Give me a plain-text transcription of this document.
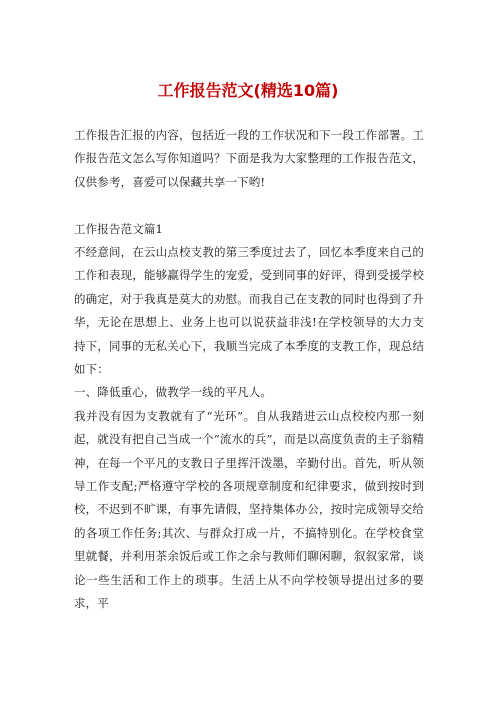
工作报告范文(精选10篇)

工作报告汇报的内容，包括近一段的工作状况和下一段工作部署。工作报告范文怎么写你知道吗？下面是我为大家整理的工作报告范文，仅供参考，喜爱可以保藏共享一下哟!

工作报告范文篇1

不经意间，在云山点校支教的第三季度过去了，回忆本季度来自己的工作和表现，能够赢得学生的宠爱，受到同事的好评，得到受援学校的确定，对于我真是莫大的劝慰。而我自己在支教的同时也得到了升华，无论在思想上、业务上也可以说获益非浅!在学校领导的大力支持下，同事的无私关心下，我顺当完成了本季度的支教工作，现总结如下：

一、降低重心，做教学一线的平凡人。

我并没有因为支教就有了“光环”。自从我踏进云山点校校内那一刻起，就没有把自己当成一个“流水的兵”，而是以高度负责的主子翁精神，在每一个平凡的支教日子里挥汗泼墨，辛勤付出。首先，听从领导工作支配;严格遵守学校的各项规章制度和纪律要求，做到按时到校，不迟到不旷课，有事先请假，坚持集体办公，按时完成领导交给的各项工作任务;其次、与群众打成一片，不搞特别化。在学校食堂里就餐，并利用茶余饭后或工作之余与教师们聊闲聊，叙叙家常，谈论一些生活和工作上的琐事。生活上从不向学校领导提出过多的要求，平
